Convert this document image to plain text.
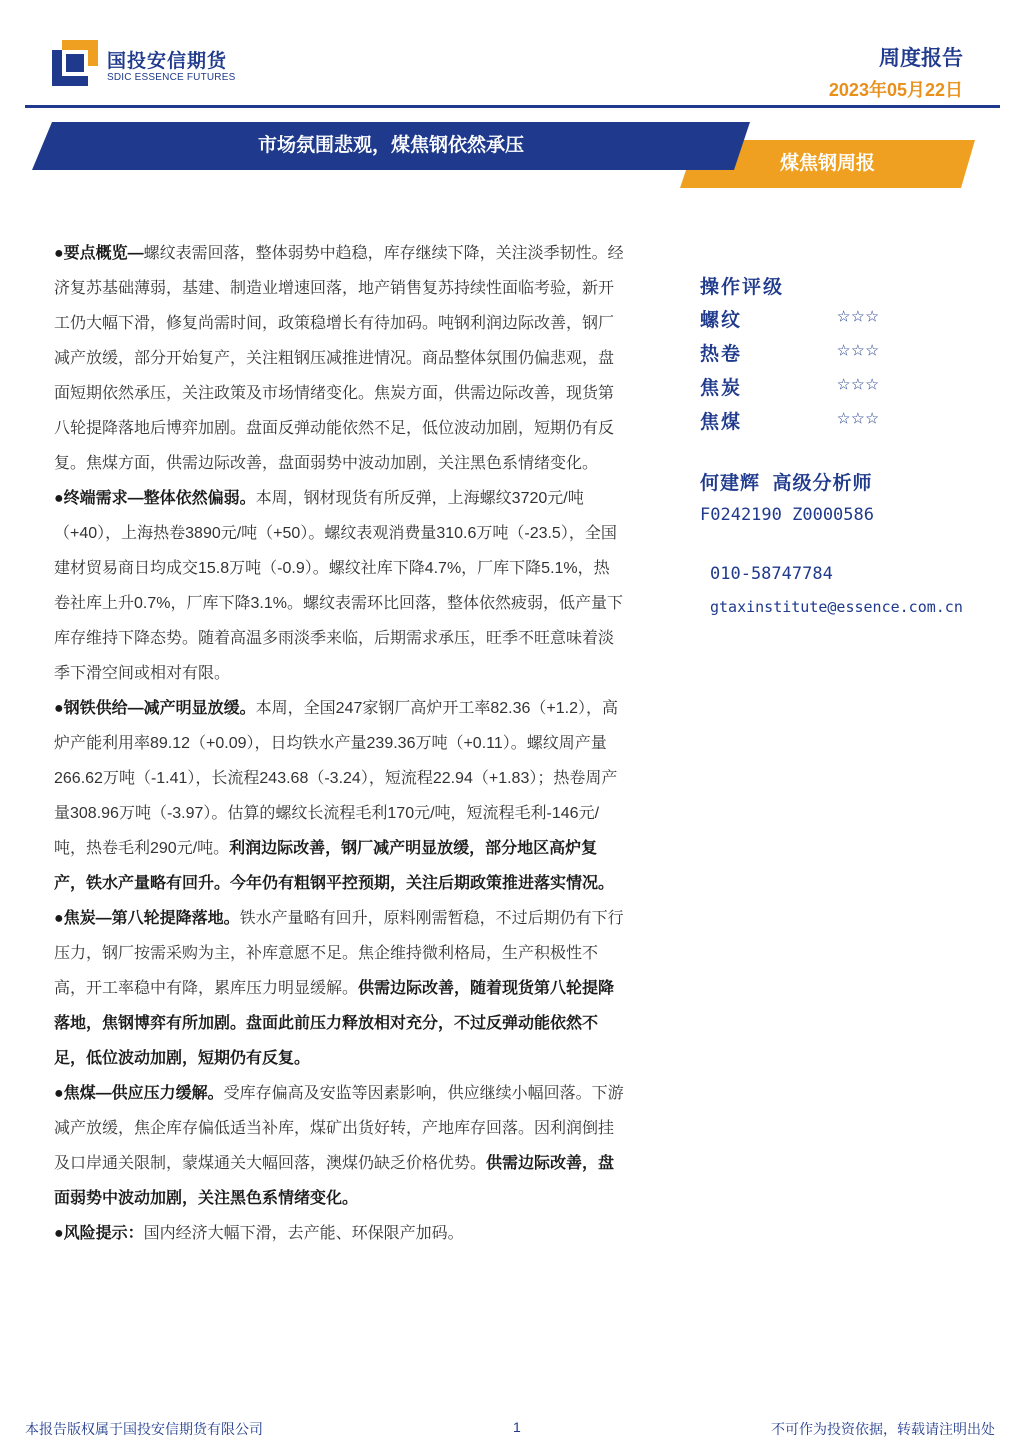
国投安信期货
SDIC ESSENCE FUTURES
周度报告
2023年05月22日
煤焦钢周报
市场氛围悲观，煤焦钢依然承压

●要点概览—螺纹表需回落，整体弱势中趋稳，库存继续下降，关注淡季韧性。经济复苏基础薄弱，基建、制造业增速回落，地产销售复苏持续性面临考验，新开工仍大幅下滑，修复尚需时间，政策稳增长有待加码。吨钢利润边际改善，钢厂减产放缓，部分开始复产，关注粗钢压减推进情况。商品整体氛围仍偏悲观，盘面短期依然承压，关注政策及市场情绪变化。焦炭方面，供需边际改善，现货第八轮提降落地后博弈加剧。盘面反弹动能依然不足，低位波动加剧，短期仍有反复。焦煤方面，供需边际改善，盘面弱势中波动加剧，关注黑色系情绪变化。

●终端需求—整体依然偏弱。本周，钢材现货有所反弹，上海螺纹3720元/吨（+40），上海热卷3890元/吨（+50）。螺纹表观消费量310.6万吨（-23.5），全国建材贸易商日均成交15.8万吨（-0.9）。螺纹社库下降4.7%，厂库下降5.1%，热卷社库上升0.7%，厂库下降3.1%。螺纹表需环比回落，整体依然疲弱，低产量下库存维持下降态势。随着高温多雨淡季来临，后期需求承压，旺季不旺意味着淡季下滑空间或相对有限。

●钢铁供给—减产明显放缓。本周，全国247家钢厂高炉开工率82.36（+1.2），高炉产能利用率89.12（+0.09），日均铁水产量239.36万吨（+0.11）。螺纹周产量266.62万吨（-1.41），长流程243.68（-3.24），短流程22.94（+1.83）；热卷周产量308.96万吨（-3.97）。估算的螺纹长流程毛利170元/吨，短流程毛利-146元/吨，热卷毛利290元/吨。利润边际改善，钢厂减产明显放缓，部分地区高炉复产，铁水产量略有回升。今年仍有粗钢平控预期，关注后期政策推进落实情况。

●焦炭—第八轮提降落地。铁水产量略有回升，原料刚需暂稳，不过后期仍有下行压力，钢厂按需采购为主，补库意愿不足。焦企维持微利格局，生产积极性不高，开工率稳中有降，累库压力明显缓解。供需边际改善，随着现货第八轮提降落地，焦钢博弈有所加剧。盘面此前压力释放相对充分，不过反弹动能依然不足，低位波动加剧，短期仍有反复。

●焦煤—供应压力缓解。受库存偏高及安监等因素影响，供应继续小幅回落。下游减产放缓，焦企库存偏低适当补库，煤矿出货好转，产地库存回落。因利润倒挂及口岸通关限制，蒙煤通关大幅回落，澳煤仍缺乏价格优势。供需边际改善，盘面弱势中波动加剧，关注黑色系情绪变化。

●风险提示：国内经济大幅下滑，去产能、环保限产加码。

操作评级
螺纹	☆☆☆
热卷	☆☆☆
焦炭	☆☆☆
焦煤	☆☆☆
何建辉 高级分析师
F0242190 Z0000586
010-58747784
gtaxinstitute@essence.com.cn
本报告版权属于国投安信期货有限公司	1	不可作为投资依据，转载请注明出处
